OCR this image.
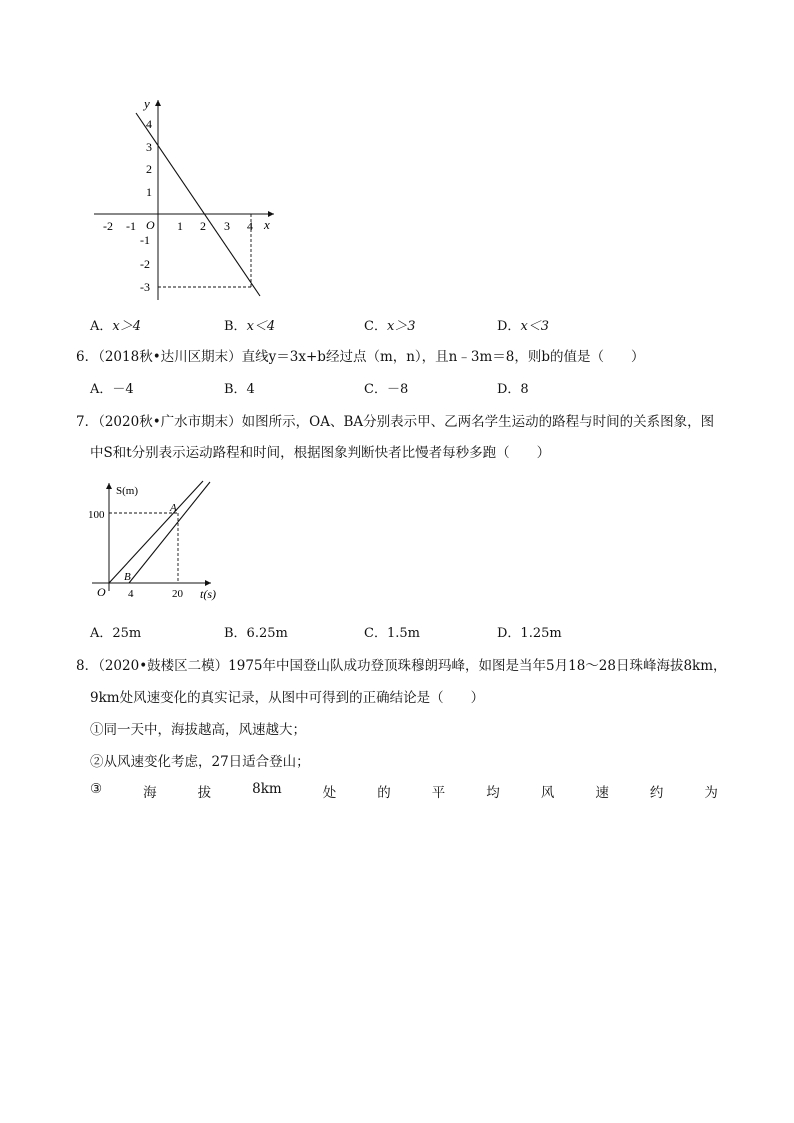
y
x
O
4
3
2
1
-1
-2
-3
-2 -1	1 2 3 4
A．x＞4	B．x＜4	C．x＞3	D．x＜3
6．（2018秋•达川区期末）直线y＝3x+b经过点（m，n），且n﹣3m＝8，则b的值是（　　）
A．－4	B．4	C．－8	D．8
7．（2020秋•广水市期末）如图所示，OA、BA分别表示甲、乙两名学生运动的路程与时间的关系图象，图
中S和t分别表示运动路程和时间，根据图象判断快者比慢者每秒多跑（　　）
S(m)
t(s)
O
100
4	20
A
B
A．25m	B．6.25m	C．1.5m	D．1.25m
8．（2020•鼓楼区二模）1975年中国登山队成功登顶珠穆朗玛峰，如图是当年5月18～28日珠峰海拔8km，
9km处风速变化的真实记录，从图中可得到的正确结论是（　　）
①同一天中，海拔越高，风速越大；
②从风速变化考虑，27日适合登山；
③	海	拔	8km	处	的	平	均	风	速	约	为
